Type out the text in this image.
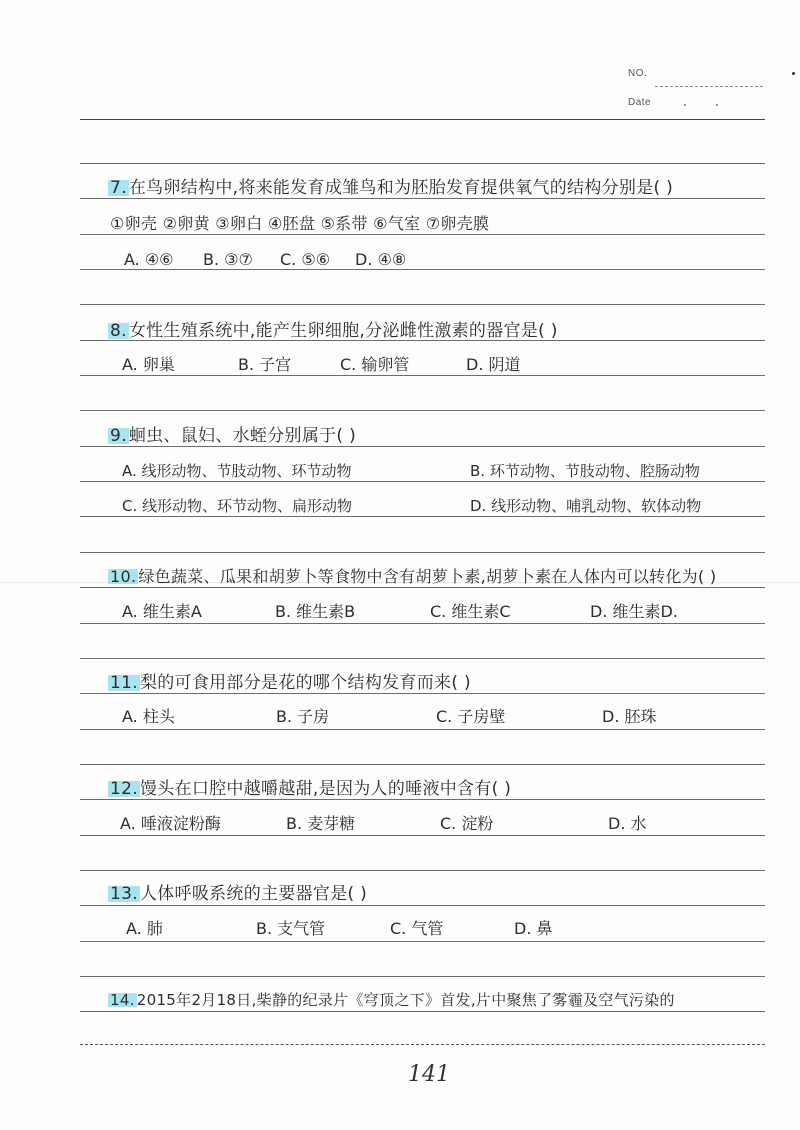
NO.
Date
7. 在鸟卵结构中,将来能发育成雏鸟和为胚胎发育提供氧气的结构分别是( )
①卵壳 ②卵黄 ③卵白 ④胚盘 ⑤系带 ⑥气室 ⑦卵壳膜
A. ④⑥ B. ③⑦ C. ⑤⑥ D. ④⑧
8. 女性生殖系统中,能产生卵细胞,分泌雌性激素的器官是( )
A. 卵巢	B. 子宫	C. 输卵管	D. 阴道
9. 蛔虫、鼠妇、水蛭分别属于( )
A. 线形动物、节肢动物、环节动物	B. 环节动物、节肢动物、腔肠动物
C. 线形动物、环节动物、扁形动物	D. 线形动物、哺乳动物、软体动物
10. 绿色蔬菜、瓜果和胡萝卜等食物中含有胡萝卜素,胡萝卜素在人体内可以转化为( )
A. 维生素A	B. 维生素B	C. 维生素C	D. 维生素D.
11. 梨的可食用部分是花的哪个结构发育而来( )
A. 柱头	B. 子房	C. 子房壁	D. 胚珠
12. 馒头在口腔中越嚼越甜,是因为人的唾液中含有( )
A. 唾液淀粉酶	B. 麦芽糖	C. 淀粉	D. 水
13. 人体呼吸系统的主要器官是( )
A. 肺	B. 支气管	C. 气管	D. 鼻
14. 2015年2月18日,柴静的纪录片《穹顶之下》首发,片中聚焦了雾霾及空气污染的
141
